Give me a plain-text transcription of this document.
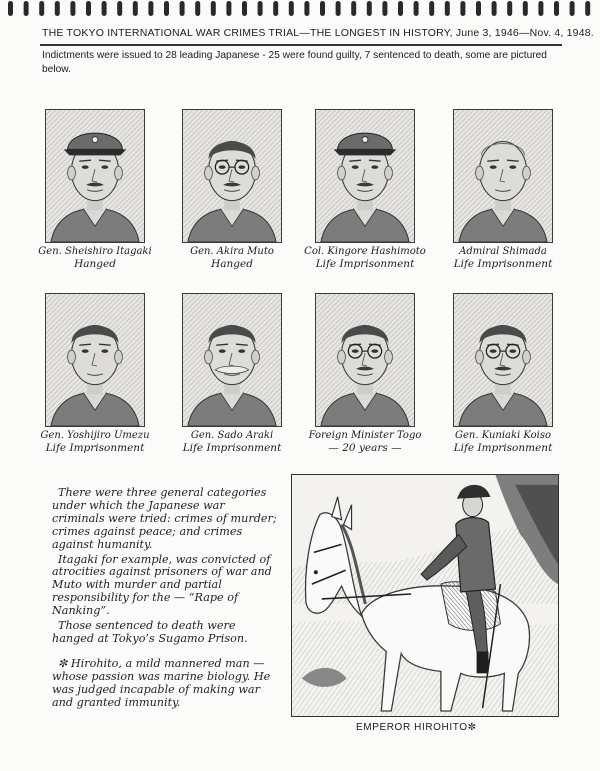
THE TOKYO INTERNATIONAL WAR CRIMES TRIAL—THE LONGEST IN HISTORY, June 3, 1946—Nov. 4, 1948.
Indictments were issued to 28 leading Japanese - 25 were found guilty, 7 sentenced to death, some are pictured below.
Gen. Sheishiro Itagaki
Hanged
Gen. Akira Muto
Hanged
Col. Kingore Hashimoto
Life Imprisonment
Admiral Shimada
Life Imprisonment
Gen. Yoshijiro Umezu
Life Imprisonment
Gen. Sado Araki
Life Imprisonment
Foreign Minister Togo
— 20 years —
Gen. Kuniaki Koiso
Life Imprisonment

There were three general categories under which the Japanese war criminals were tried: crimes of murder; crimes against peace; and crimes against humanity.

Itagaki for example, was convicted of atrocities against prisoners of war and Muto with murder and partial responsibility for the — “Rape of Nanking”.

Those sentenced to death were hanged at Tokyo’s Sugamo Prison.

✼ Hirohito, a mild mannered man — whose passion was marine biology. He was judged incapable of making war and granted immunity.

EMPEROR HIROHITO✼
